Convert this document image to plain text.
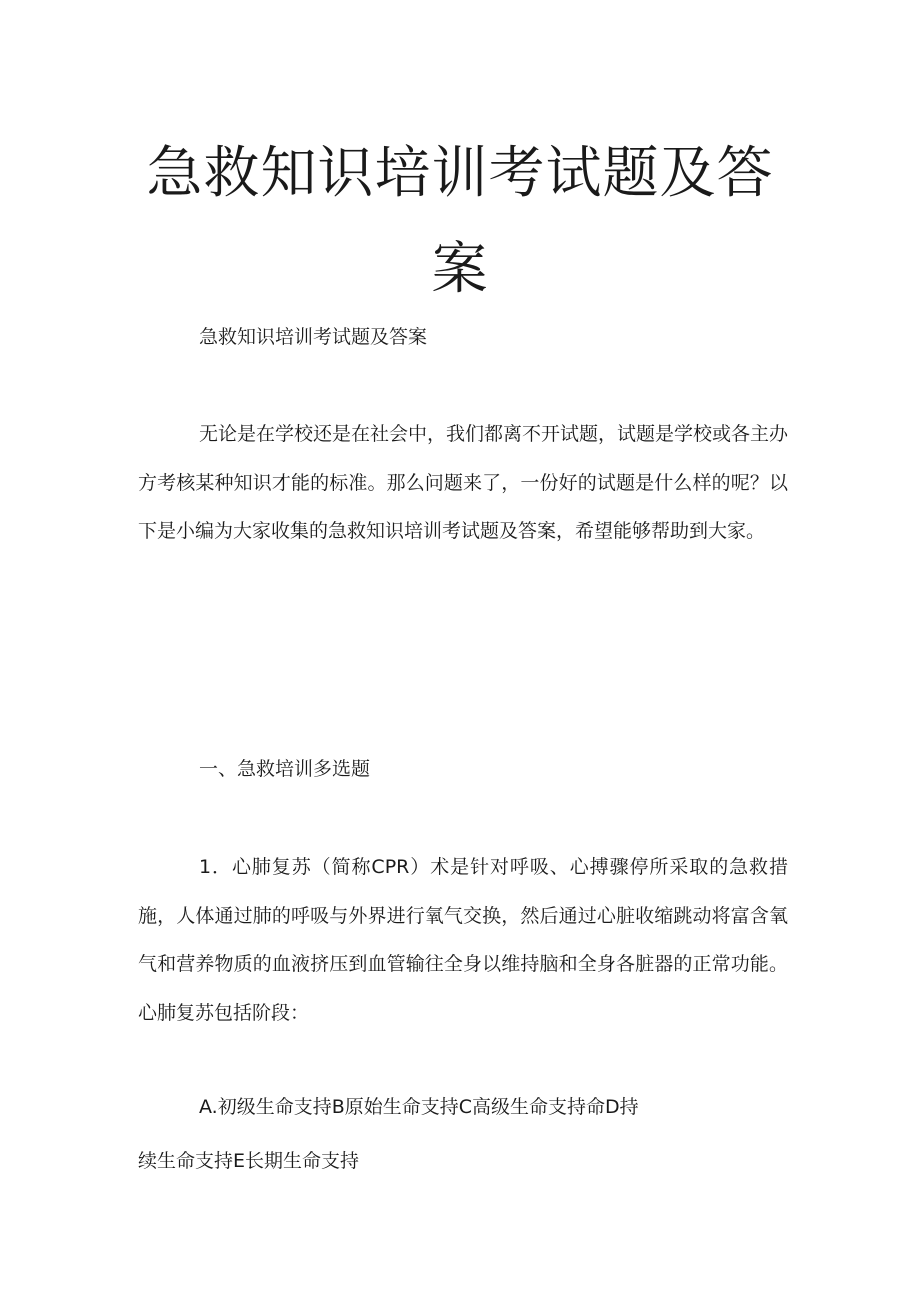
急救知识培训考试题及答
案

急救知识培训考试题及答案

无论是在学校还是在社会中，我们都离不开试题，试题是学校或各主办方考核某种知识才能的标准。那么问题来了，一份好的试题是什么样的呢？以下是小编为大家收集的急救知识培训考试题及答案，希望能够帮助到大家。

一、急救培训多选题

1．心肺复苏（简称CPR）术是针对呼吸、心搏骤停所采取的急救措施，人体通过肺的呼吸与外界进行氧气交换，然后通过心脏收缩跳动将富含氧气和营养物质的血液挤压到血管输往全身以维持脑和全身各脏器的正常功能。心肺复苏包括阶段：

A.初级生命支持B原始生命支持C高级生命支持命D持

续生命支持E长期生命支持
